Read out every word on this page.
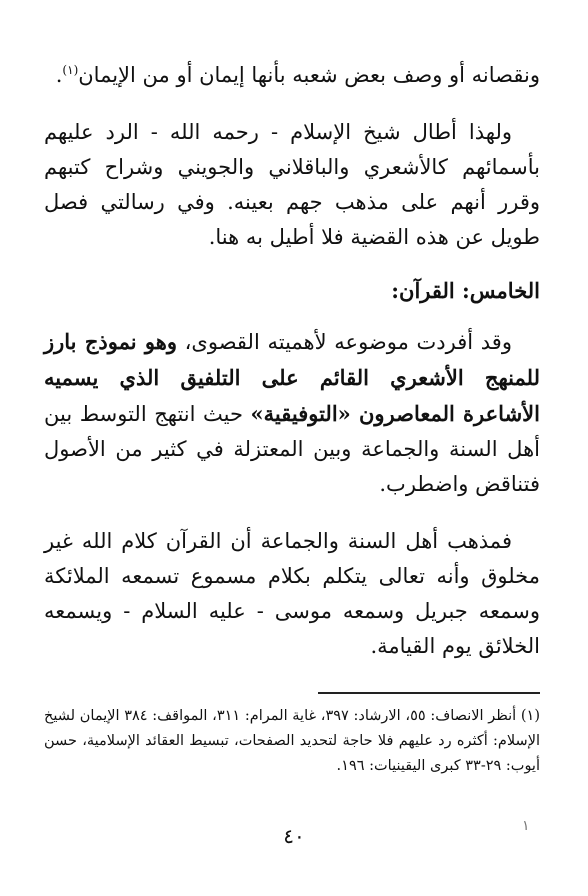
ونقصانه أو وصف بعض شعبه بأنها إيمان أو من الإيمان$^{(١)}$.

ولهذا أطال شيخ الإسلام - رحمه الله - الرد عليهم بأسمائهم كالأشعري والباقلاني والجويني وشراح كتبهم وقرر أنهم على مذهب جهم بعينه. وفي رسالتي فصل طويل عن هذه القضية فلا أطيل به هنا.

الخامس: القرآن:

وقد أفردت موضوعه لأهميته القصوى، وهو نموذج بارز للمنهج الأشعري القائم على التلفيق الذي يسميه الأشاعرة المعاصرون «التوفيقية» حيث انتهج التوسط بين أهل السنة والجماعة وبين المعتزلة في كثير من الأصول فتناقض واضطرب.

فمذهب أهل السنة والجماعة أن القرآن كلام الله غير مخلوق وأنه تعالى يتكلم بكلام مسموع تسمعه الملائكة وسمعه جبريل وسمعه موسى - عليه السلام - ويسمعه الخلائق يوم القيامة.

(١) أنظر الانصاف: ٥٥، الارشاد: ٣٩٧، غاية المرام: ٣١١، المواقف: ٣٨٤ الإيمان لشيخ الإسلام: أكثره رد عليهم فلا حاجة لتحديد الصفحات، تبسيط العقائد الإسلامية، حسن أيوب: ٢٩-٣٣ كبرى اليقينيات: ١٩٦.

٤٠	١
